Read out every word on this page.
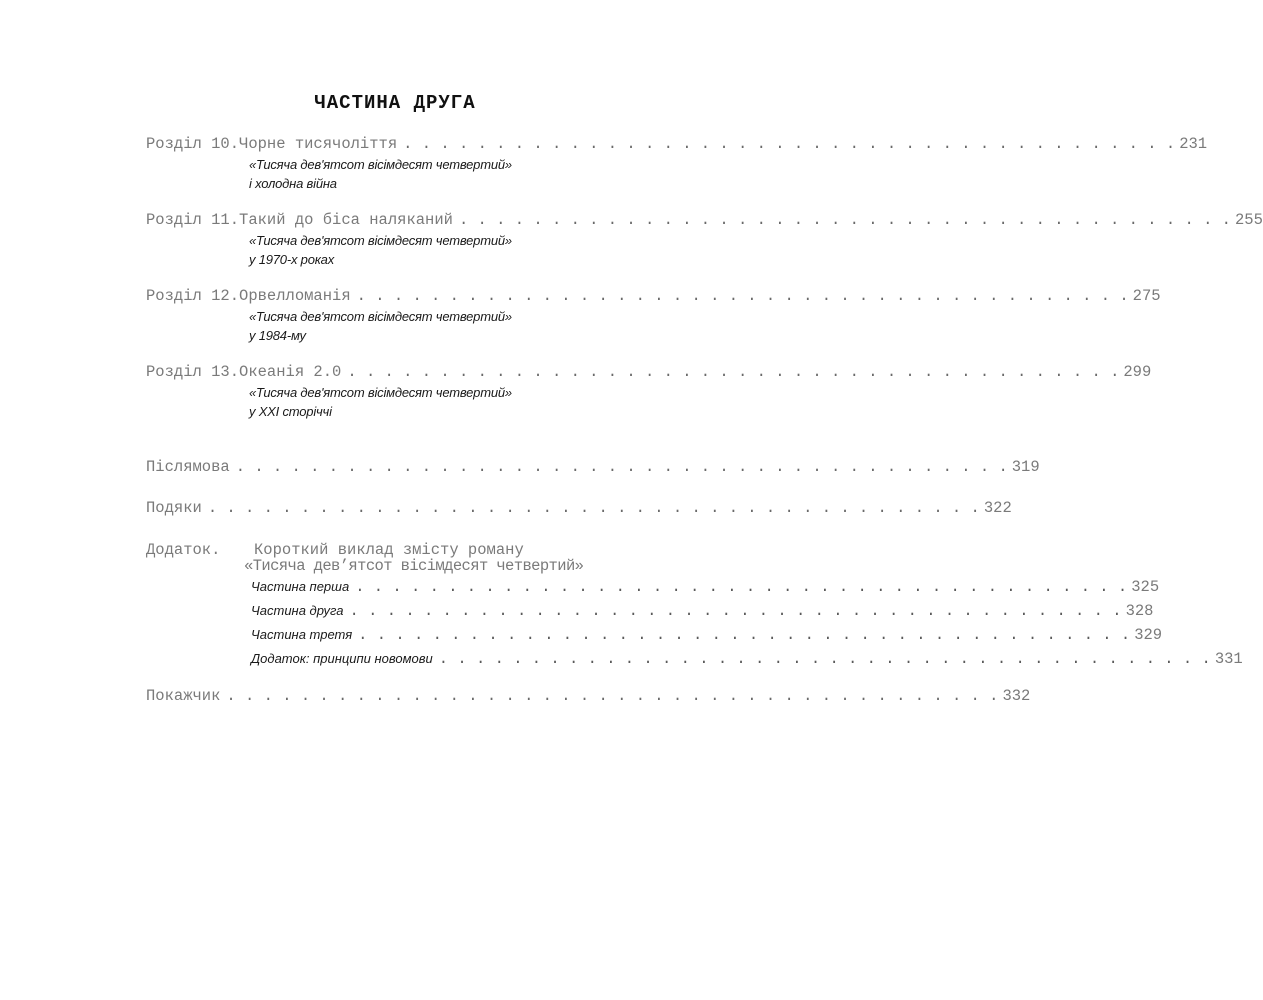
ЧАСТИНА ДРУГА
Розділ 10. Чорне тисячоліття . . . . . . . . . . . . . . . . . . . . . . . . . . . . . . . . . . . . . . . . . . 231
«Тисяча дев'ятсот вісімдесят четвертий»
і холодна війна
Розділ 11. Такий до біса наляканий . . . . . . . . . . . . . . . . . . . . . . . . . . . . . . . . . . . . . . . . . . 255
«Тисяча дев'ятсот вісімдесят четвертий»
у 1970-х роках
Розділ 12. Орвелломанія . . . . . . . . . . . . . . . . . . . . . . . . . . . . . . . . . . . . . . . . . . 275
«Тисяча дев'ятсот вісімдесят четвертий»
у 1984-му
Розділ 13. Океанія 2.0 . . . . . . . . . . . . . . . . . . . . . . . . . . . . . . . . . . . . . . . . . . 299
«Тисяча дев'ятсот вісімдесят четвертий»
у XXI сторіччі
Післямова . . . . . . . . . . . . . . . . . . . . . . . . . . . . . . . . . . . . . . . . . . 319
Подяки . . . . . . . . . . . . . . . . . . . . . . . . . . . . . . . . . . . . . . . . . . 322
Додаток. Короткий виклад змісту роману
«Тисяча дев’ятсот вісімдесят четвертий»
Частина перша . . . . . . . . . . . . . . . . . . . . . . . . . . . . . . . . . . . . . . . . . . 325
Частина друга . . . . . . . . . . . . . . . . . . . . . . . . . . . . . . . . . . . . . . . . . . 328
Частина третя . . . . . . . . . . . . . . . . . . . . . . . . . . . . . . . . . . . . . . . . . . 329
Додаток: принципи новомови . . . . . . . . . . . . . . . . . . . . . . . . . . . . . . . . . . . . . . . . . . 331
Покажчик . . . . . . . . . . . . . . . . . . . . . . . . . . . . . . . . . . . . . . . . . . 332
